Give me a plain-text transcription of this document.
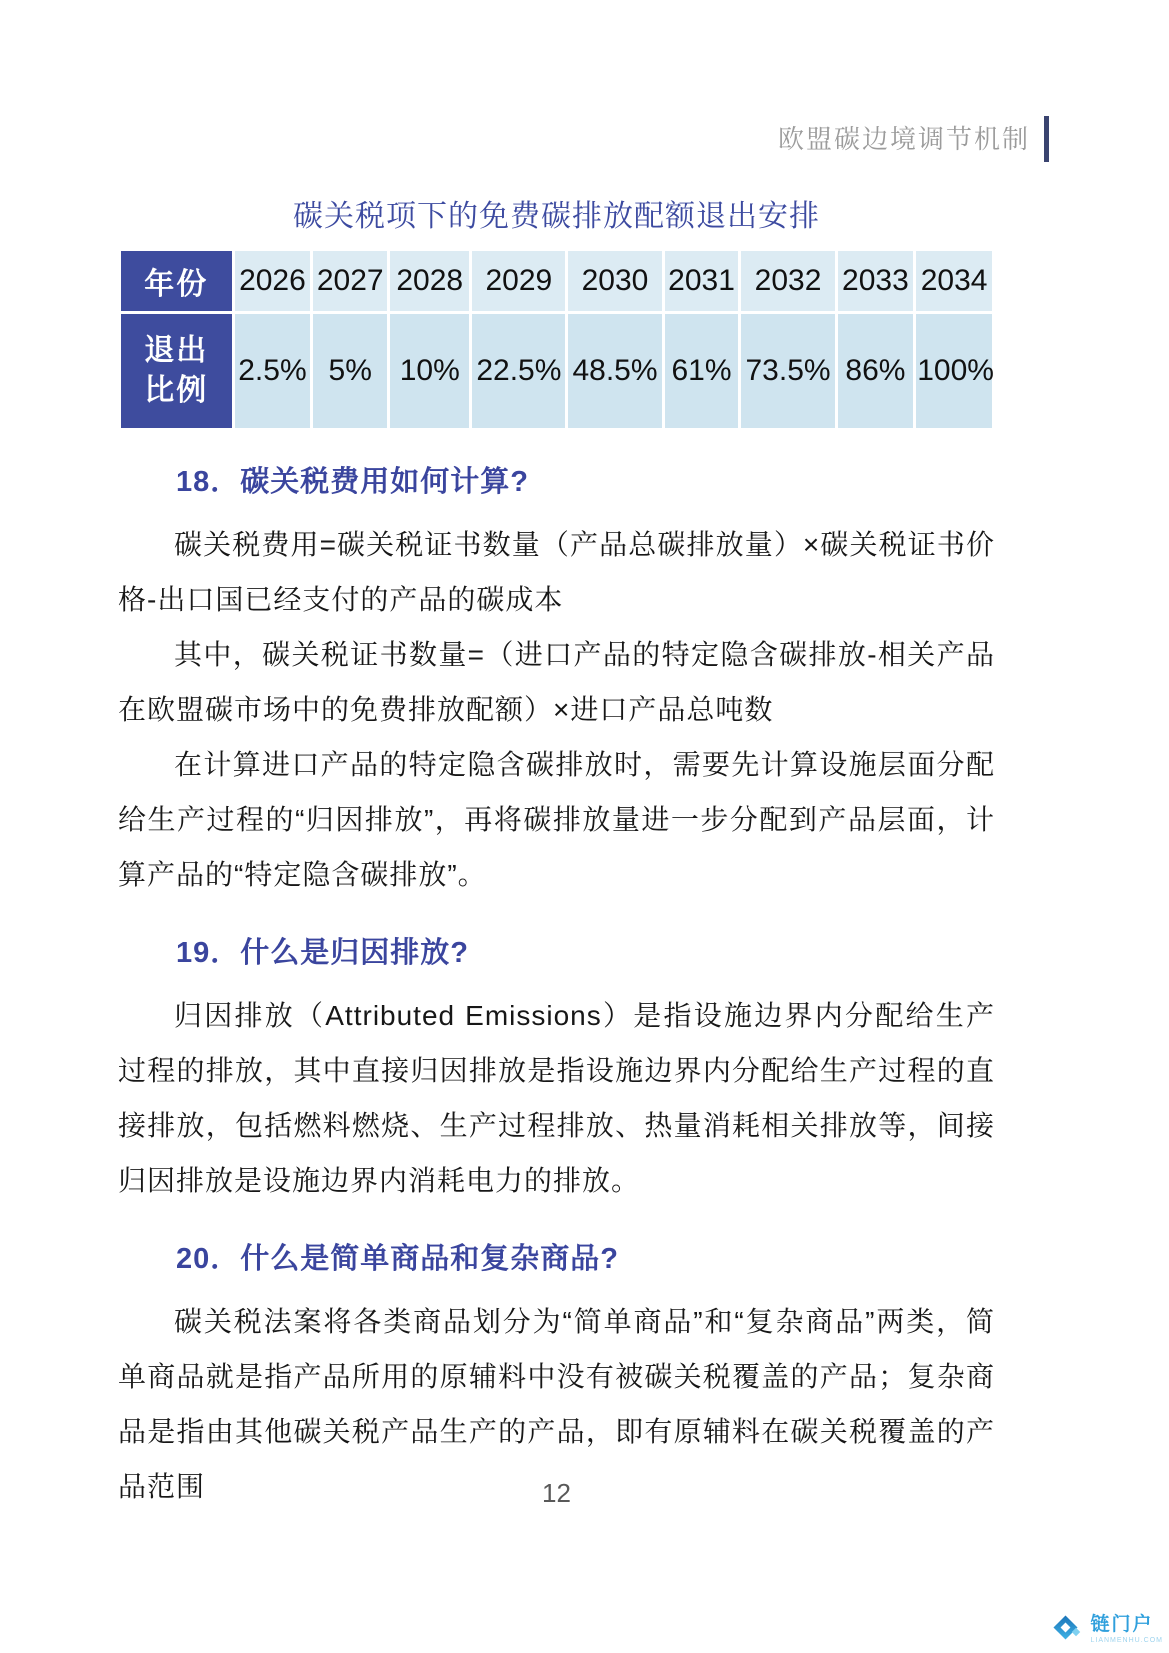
欧盟碳边境调节机制
碳关税项下的免费碳排放配额退出安排
年份	2026	2027	2028	2029	2030	2031	2032	2033	2034

退出
比例	2.5%	5%	10%	22.5%	48.5%	61%	73.5%	86%	100%
18．碳关税费用如何计算?

碳关税费用=碳关税证书数量（产品总碳排放量）×碳关税证书价格-出口国已经支付的产品的碳成本

其中，碳关税证书数量=（进口产品的特定隐含碳排放-相关产品在欧盟碳市场中的免费排放配额）×进口产品总吨数

在计算进口产品的特定隐含碳排放时，需要先计算设施层面分配给生产过程的“归因排放”，再将碳排放量进一步分配到产品层面，计算产品的“特定隐含碳排放”。

19．什么是归因排放?

归因排放（Attributed Emissions）是指设施边界内分配给生产过程的排放，其中直接归因排放是指设施边界内分配给生产过程的直接排放，包括燃料燃烧、生产过程排放、热量消耗相关排放等，间接归因排放是设施边界内消耗电力的排放。

20．什么是简单商品和复杂商品?

碳关税法案将各类商品划分为“简单商品”和“复杂商品”两类，简单商品就是指产品所用的原辅料中没有被碳关税覆盖的产品；复杂商品是指由其他碳关税产品生产的产品，即有原辅料在碳关税覆盖的产品范围	12
链门户
LIANMENHU.COM
